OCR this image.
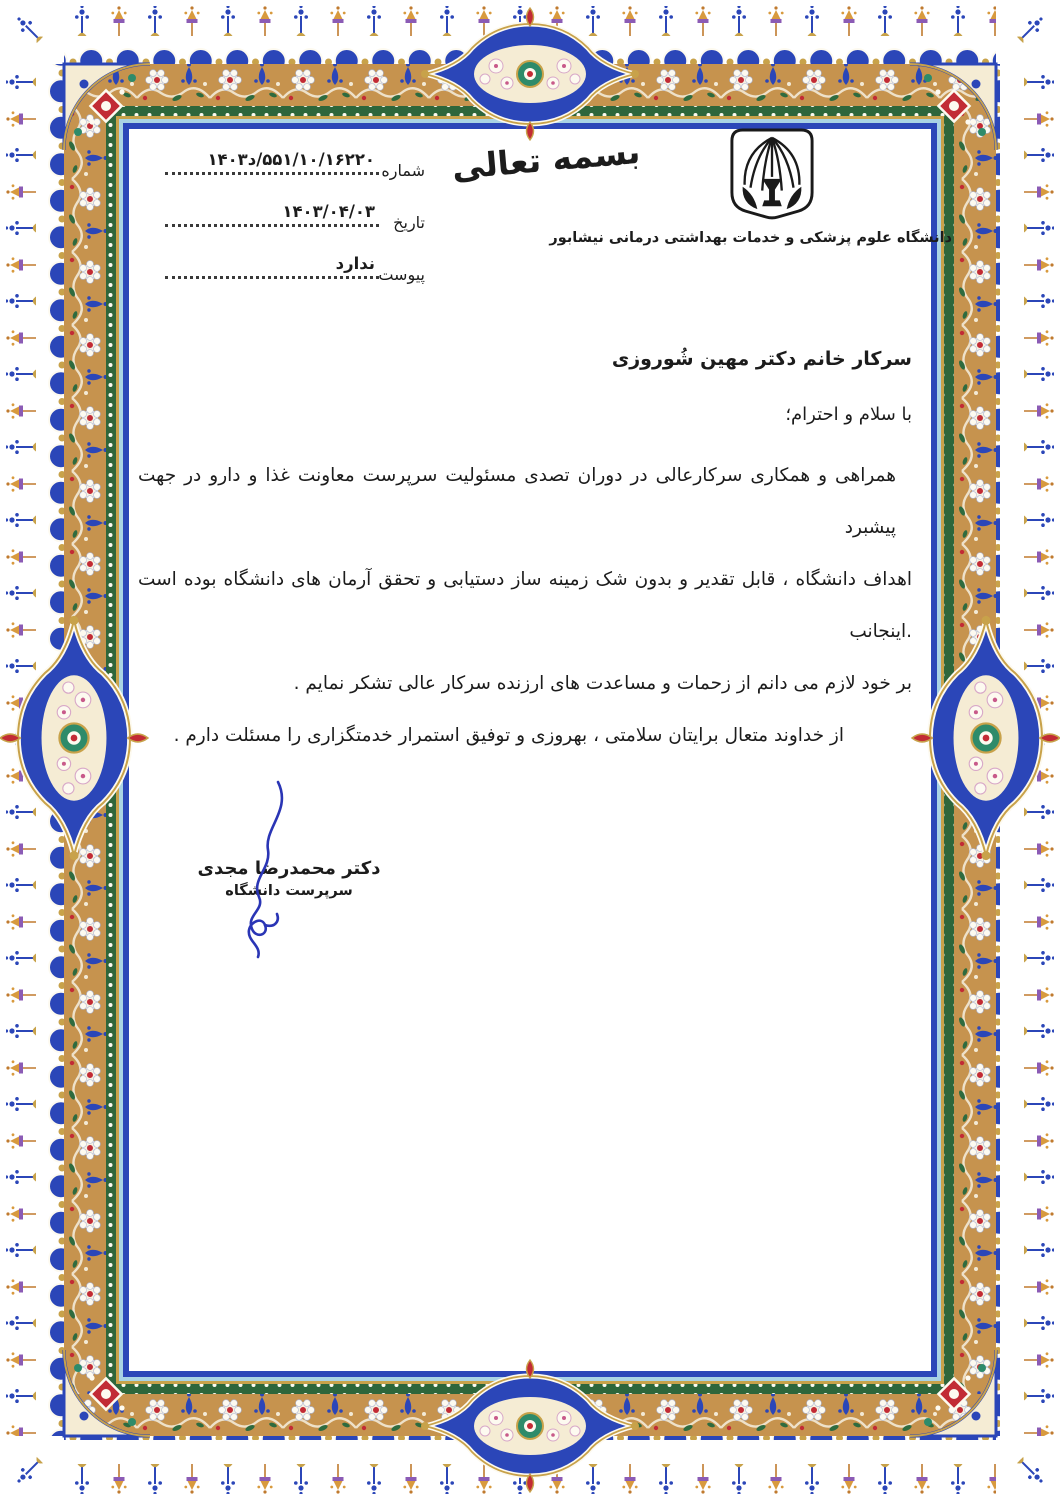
۱۴۰۳د/۵۵۱/۱۰/۱۶۲۲۰
شماره
۱۴۰۳/۰۴/۰۳
تاریخ
ندارد
پیوست
بسمه تعالی
دانشگاه علوم پزشکی و خدمات بهداشتی درمانی نیشابور
سرکار خانم دکتر مهین شُوروزی
با سلام و احترام؛
همراهی و همکاری سرکارعالی در دوران تصدی مسئولیت سرپرست معاونت غذا و دارو در جهت پیشبرد
اهداف دانشگاه ، قابل تقدیر و بدون شک زمینه ساز دستیابی و تحقق آرمان های دانشگاه بوده است .اینجانب
بر خود لازم می دانم از زحمات و مساعدت های ارزنده سرکار عالی تشکر نمایم .
از خداوند متعال برایتان سلامتی ، بهروزی و توفیق استمرار خدمتگزاری را مسئلت دارم .
دکتر محمدرضا مجدی
سرپرست دانشگاه
